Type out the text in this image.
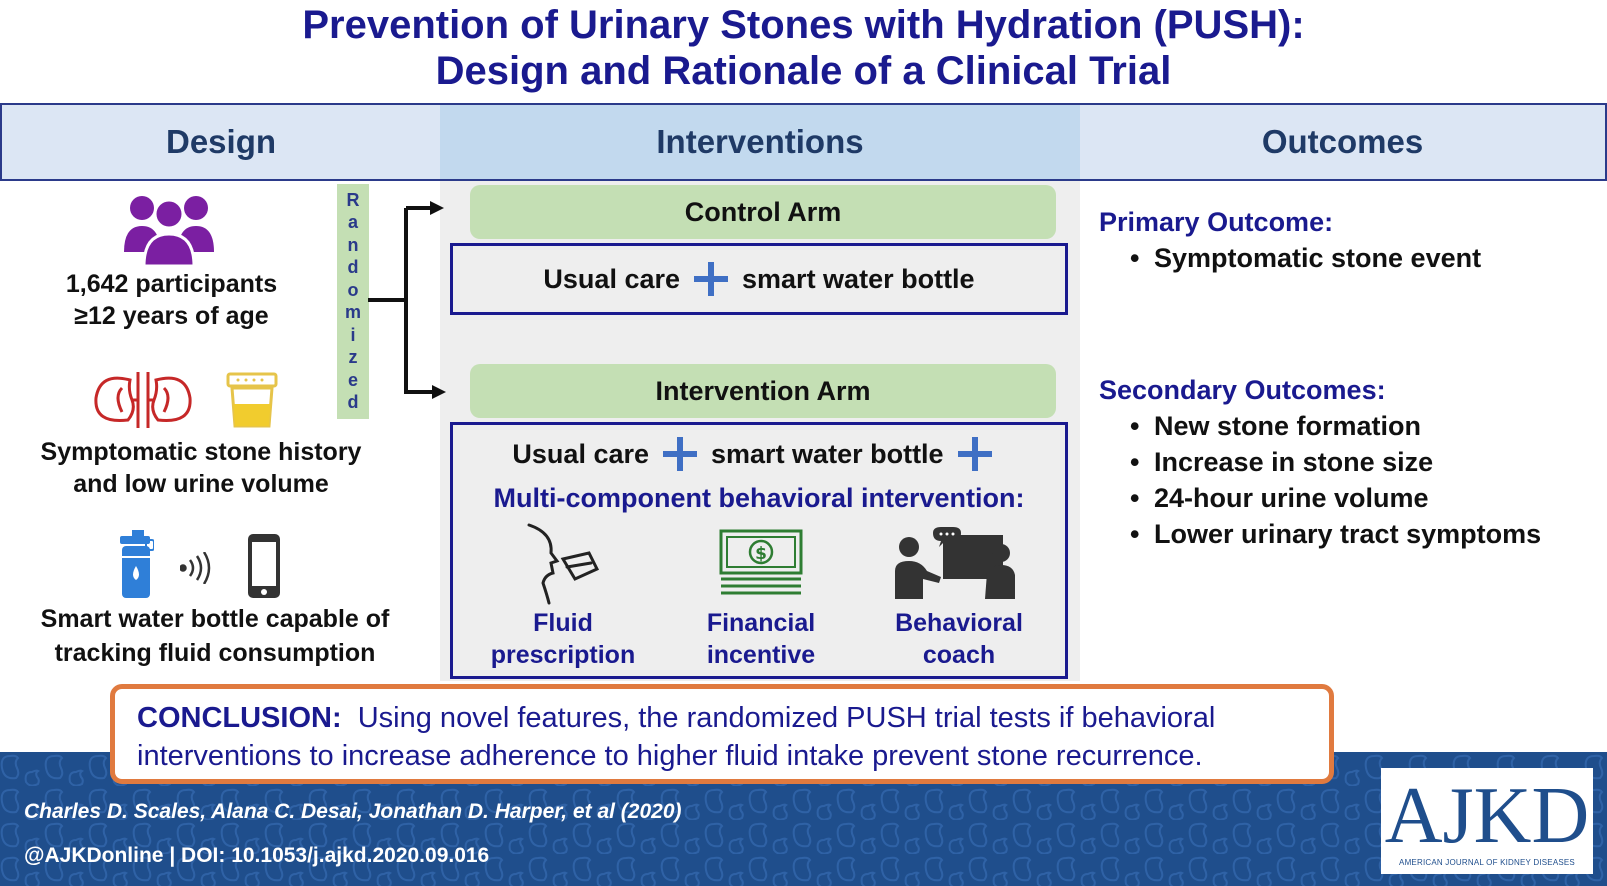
Prevention of Urinary Stones with Hydration (PUSH):
Design and Rationale of a Clinical Trial
Design	Interventions	Outcomes
1,642 participants
≥12 years of age
Symptomatic stone history
and low urine volume
Smart water bottle capable of
tracking fluid consumption
R
a
n
d
o
m
i
z
e
d
Control Arm
Usual care smart water bottle
Intervention Arm
Usual care smart water bottle
Multi-component behavioral intervention:
$
Fluid
prescription
Financial
incentive
Behavioral
coach
Primary Outcome:
• Symptomatic stone event
Secondary Outcomes:
• New stone formation
• Increase in stone size
• 24-hour urine volume
• Lower urinary tract symptoms
Charles D. Scales, Alana C. Desai, Jonathan D. Harper, et al (2020)
@AJKDonline | DOI: 10.1053/j.ajkd.2020.09.016
CONCLUSION: Using novel features, the randomized PUSH trial tests if behavioral
interventions to increase adherence to higher fluid intake prevent stone recurrence.
AJKD
AMERICAN JOURNAL OF KIDNEY DISEASES
